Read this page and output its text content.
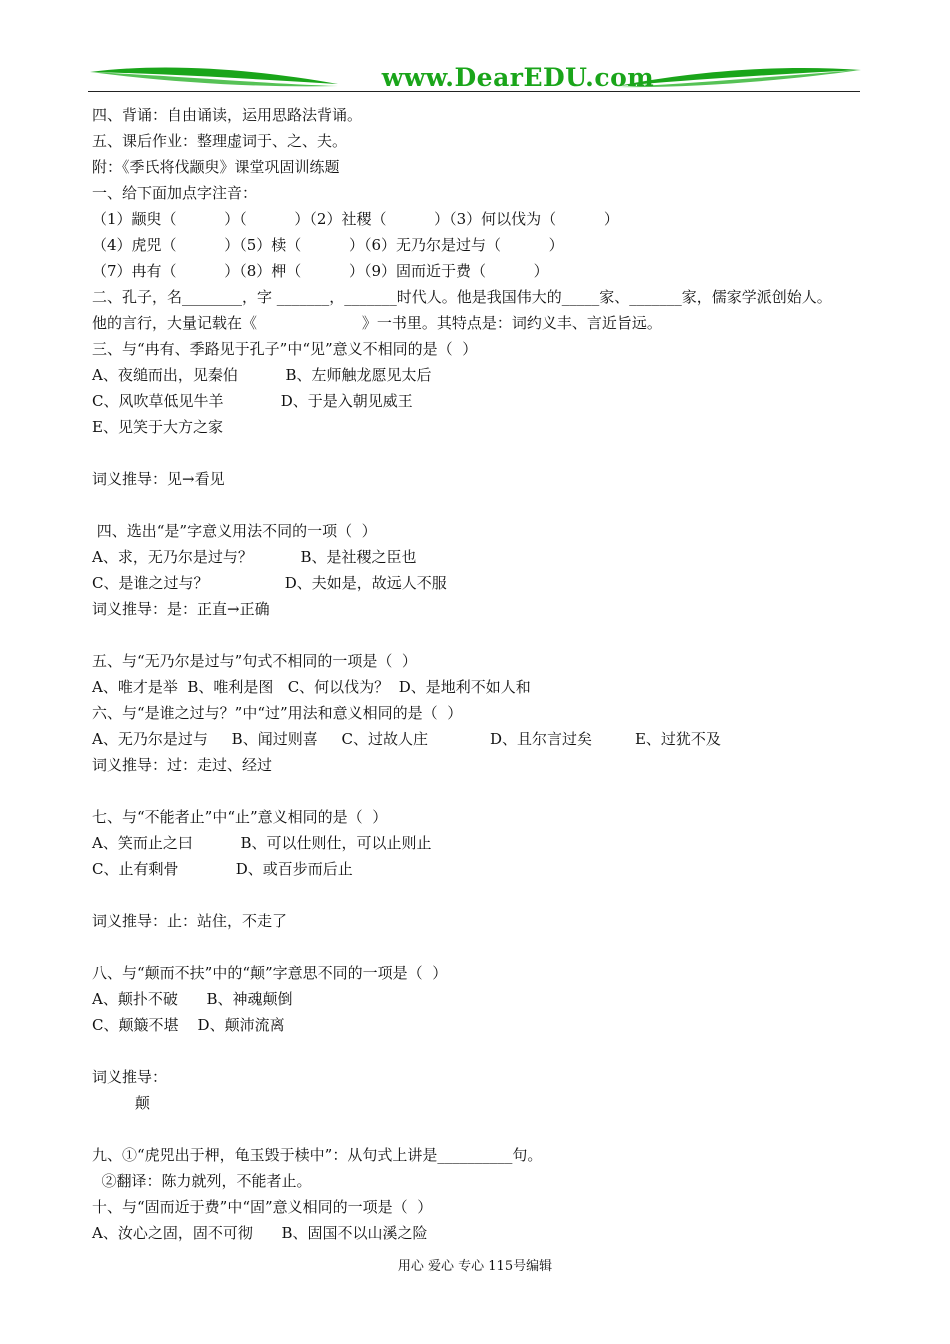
www.DearEDU.com
四、背诵：自由诵读，运用思路法背诵。
五、课后作业：整理虚词于、之、夫。
附：《季氏将伐颛臾》课堂巩固训练题
一、给下面加点字注音：
（1）颛臾（          ）（          ）（2）社稷（          ）（3）何以伐为（          ）
（4）虎兕（          ）（5）椟（          ）（6）无乃尔是过与（          ）
（7）冉有（          ）（8）柙（          ）（9）固而近于费（          ）
二、孔子，名________，字 _______，_______时代人。他是我国伟大的_____家、_______家，儒家学派创始人。
他的言行，大量记载在《                      》一书里。其特点是：词约义丰、言近旨远。
三、与“冉有、季路见于孔子”中“见”意义不相同的是（  ）
A、夜缒而出，见秦伯          B、左师触龙愿见太后
C、风吹草低见牛羊            D、于是入朝见威王
E、见笑于大方之家
词义推导：见→看见
四、选出“是”字意义用法不同的一项（  ）
A、求，无乃尔是过与？          B、是社稷之臣也
C、是谁之过与？                D、夫如是，故远人不服
词义推导：是：正直→正确
五、与“无乃尔是过与”句式不相同的一项是（  ）
A、唯才是举  B、唯利是图   C、何以伐为？  D、是地利不如人和
六、与“是谁之过与？”中“过”用法和意义相同的是（  ）
A、无乃尔是过与     B、闻过则喜     C、过故人庄             D、且尔言过矣         E、过犹不及
词义推导：过：走过、经过
七、与“不能者止”中“止”意义相同的是（  ）
A、笑而止之曰          B、可以仕则仕，可以止则止
C、止有剩骨            D、或百步而后止
词义推导：止：站住，不走了
八、与“颠而不扶”中的“颠”字意思不同的一项是（  ）
A、颠扑不破      B、神魂颠倒
C、颠簸不堪    D、颠沛流离
词义推导：
颠
九、①“虎兕出于柙，龟玉毁于椟中”：从句式上讲是__________句。
②翻译：陈力就列，不能者止。
十、与“固而近于费”中“固”意义相同的一项是（  ）
A、汝心之固，固不可彻      B、固国不以山溪之险
用心 爱心 专心 115号编辑
